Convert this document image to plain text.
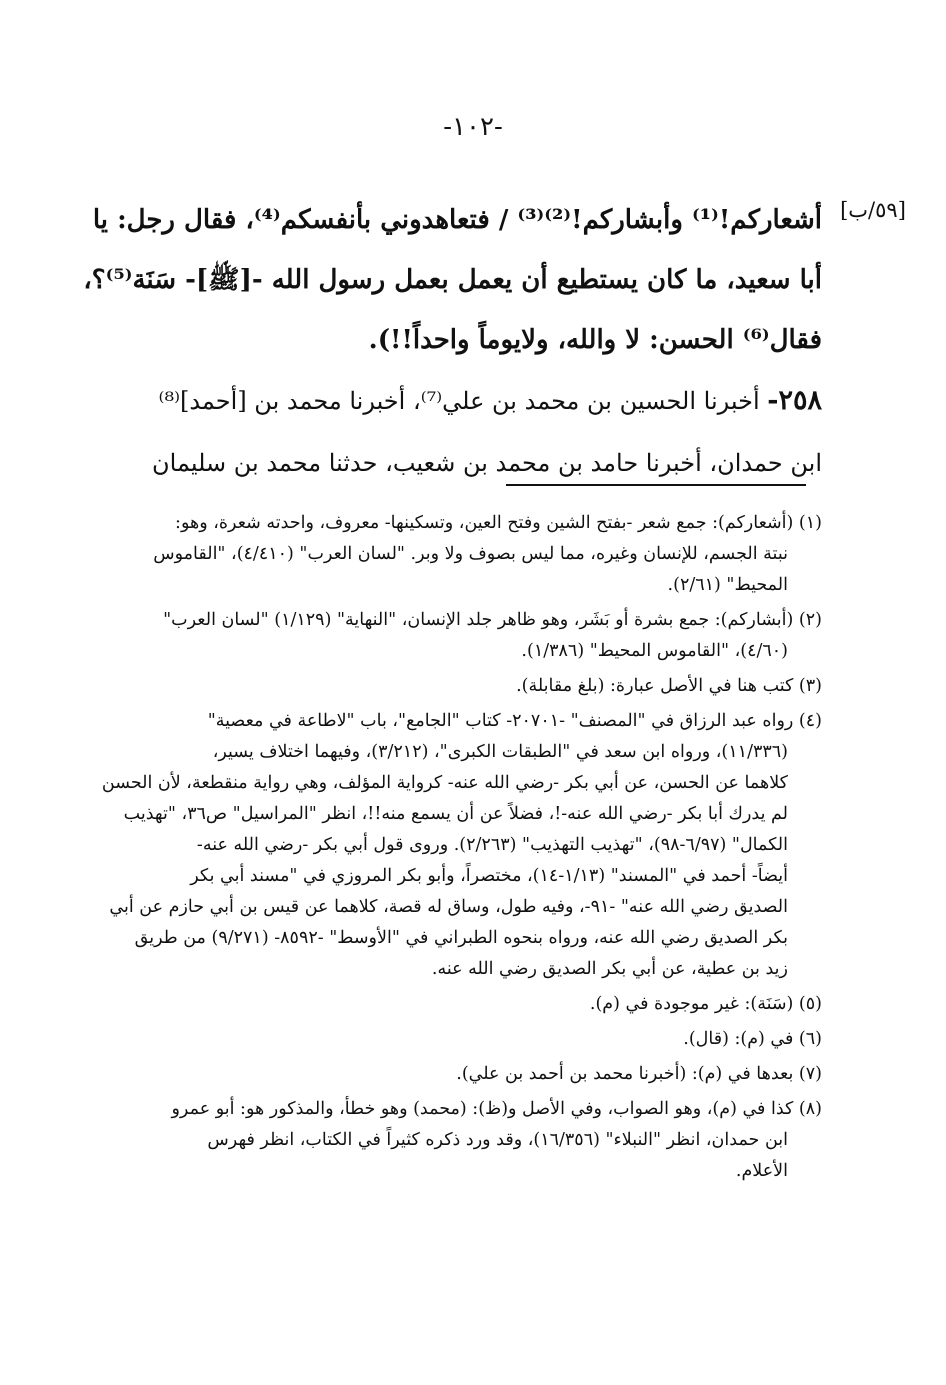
-١٠٢-
[٥٩/ب]

أشعاركم!⁽¹⁾ وأبشاركم!⁽²⁾⁽³⁾ / فتعاهدوني بأنفسكم⁽⁴⁾، فقال رجل: يا
أبا سعيد، ما كان يستطيع أن يعمل بعمل رسول الله -[ﷺ]- سَنَة⁽⁵⁾؟،
فقال⁽⁶⁾ الحسن: لا والله، ولايوماً واحداً!!).

٢٥٨- أخبرنا الحسين بن محمد بن علي⁽⁷⁾، أخبرنا محمد بن [أحمد]⁽⁸⁾
ابن حمدان، أخبرنا حامد بن محمد بن شعيب، حدثنا محمد بن سليمان

(١) (أشعاركم): جمع شعر -بفتح الشين وفتح العين، وتسكينها- معروف، واحدته شعرة، وهو:
نبتة الجسم، للإنسان وغيره، مما ليس بصوف ولا وبر. "لسان العرب" (٤/٤١٠)، "القاموس
المحيط" (٢/٦١).

(٢) (أبشاركم): جمع بشرة أو بَشَر، وهو ظاهر جلد الإنسان، "النهاية" (١/١٢٩) "لسان العرب"
(٤/٦٠)، "القاموس المحيط" (١/٣٨٦).

(٣) كتب هنا في الأصل عبارة: (بلغ مقابلة).

(٤) رواه عبد الرزاق في "المصنف" -٢٠٧٠١- كتاب "الجامع"، باب "لاطاعة في معصية"
(١١/٣٣٦)، ورواه ابن سعد في "الطبقات الكبرى"، (٣/٢١٢)، وفيهما اختلاف يسير،
كلاهما عن الحسن، عن أبي بكر -رضي الله عنه- كرواية المؤلف، وهي رواية منقطعة، لأن الحسن
لم يدرك أبا بكر -رضي الله عنه-!، فضلاً عن أن يسمع منه!!، انظر "المراسيل" ص٣٦، "تهذيب
الكمال" (٦/٩٧-٩٨)، "تهذيب التهذيب" (٢/٢٦٣). وروى قول أبي بكر -رضي الله عنه-
أيضاً- أحمد في "المسند" (١/١٣-١٤)، مختصراً، وأبو بكر المروزي في "مسند أبي بكر
الصديق رضي الله عنه" -٩١-، وفيه طول، وساق له قصة، كلاهما عن قيس بن أبي حازم عن أبي
بكر الصديق رضي الله عنه، ورواه بنحوه الطبراني في "الأوسط" -٨٥٩٢- (٩/٢٧١) من طريق
زيد بن عطية، عن أبي بكر الصديق رضي الله عنه.

(٥) (سَنَة): غير موجودة في (م).

(٦) في (م): (قال).

(٧) بعدها في (م): (أخبرنا محمد بن أحمد بن علي).

(٨) كذا في (م)، وهو الصواب، وفي الأصل و(ظ): (محمد) وهو خطأ، والمذكور هو: أبو عمرو
ابن حمدان، انظر "النبلاء" (١٦/٣٥٦)، وقد ورد ذكره كثيراً في الكتاب، انظر فهرس
الأعلام.
